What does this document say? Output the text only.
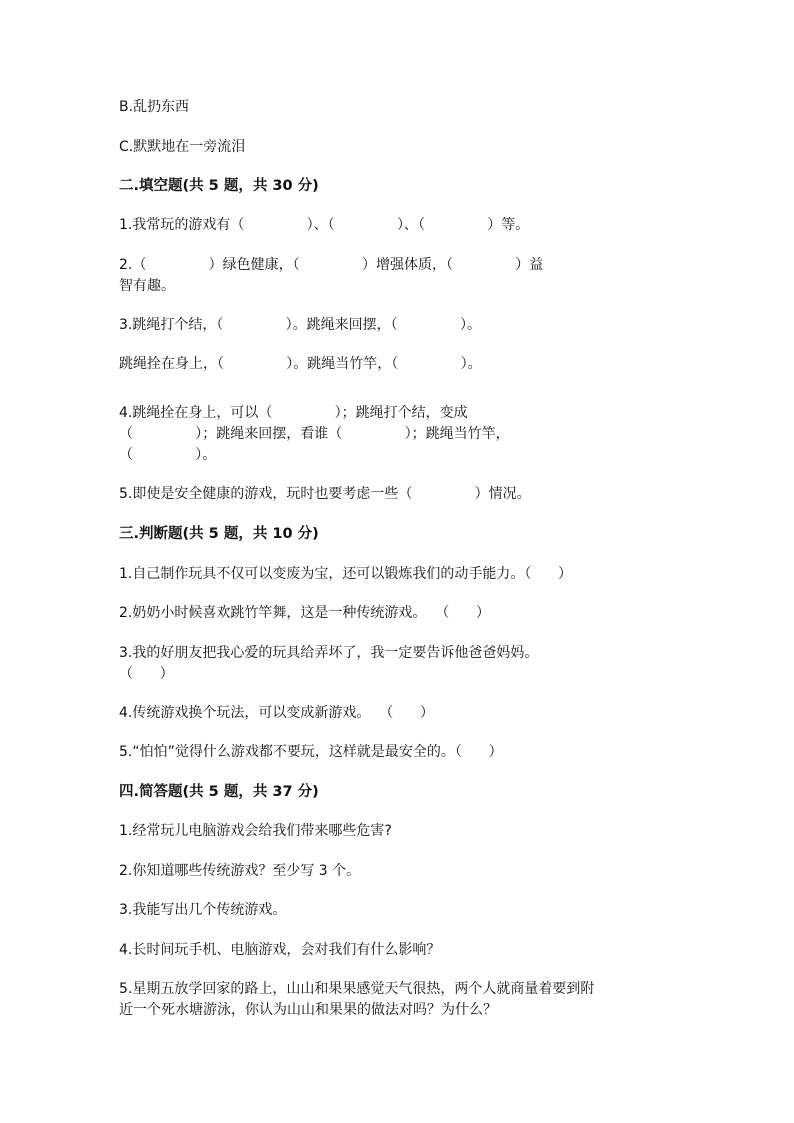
B.乱扔东西
C.默默地在一旁流泪
二.填空题(共 5 题，共 30 分)
1.我常玩的游戏有（              ）、（              ）、（              ）等。
2.（              ）绿色健康，（              ）增强体质，（              ）益
智有趣。
3.跳绳打个结，（              ）。跳绳来回摆，（              ）。
跳绳拴在身上，（              ）。跳绳当竹竿，（              ）。
4.跳绳拴在身上，可以（              ）；跳绳打个结，变成
（              ）；跳绳来回摆，看谁（              ）；跳绳当竹竿，
（              ）。
5.即使是安全健康的游戏，玩时也要考虑一些（              ）情况。
三.判断题(共 5 题，共 10 分)
1.自己制作玩具不仅可以变废为宝，还可以锻炼我们的动手能力。（      ）
2.奶奶小时候喜欢跳竹竿舞，这是一种传统游戏。  （      ）
3.我的好朋友把我心爱的玩具给弄坏了，我一定要告诉他爸爸妈妈。
（      ）
4.传统游戏换个玩法，可以变成新游戏。  （      ）
5.“怕怕”觉得什么游戏都不要玩，这样就是最安全的。（      ）
四.简答题(共 5 题，共 37 分)
1.经常玩儿电脑游戏会给我们带来哪些危害?
2.你知道哪些传统游戏？至少写 3 个。
3.我能写出几个传统游戏。
4.长时间玩手机、电脑游戏，会对我们有什么影响？
5.星期五放学回家的路上，山山和果果感觉天气很热，两个人就商量着要到附
近一个死水塘游泳，你认为山山和果果的做法对吗？为什么？
